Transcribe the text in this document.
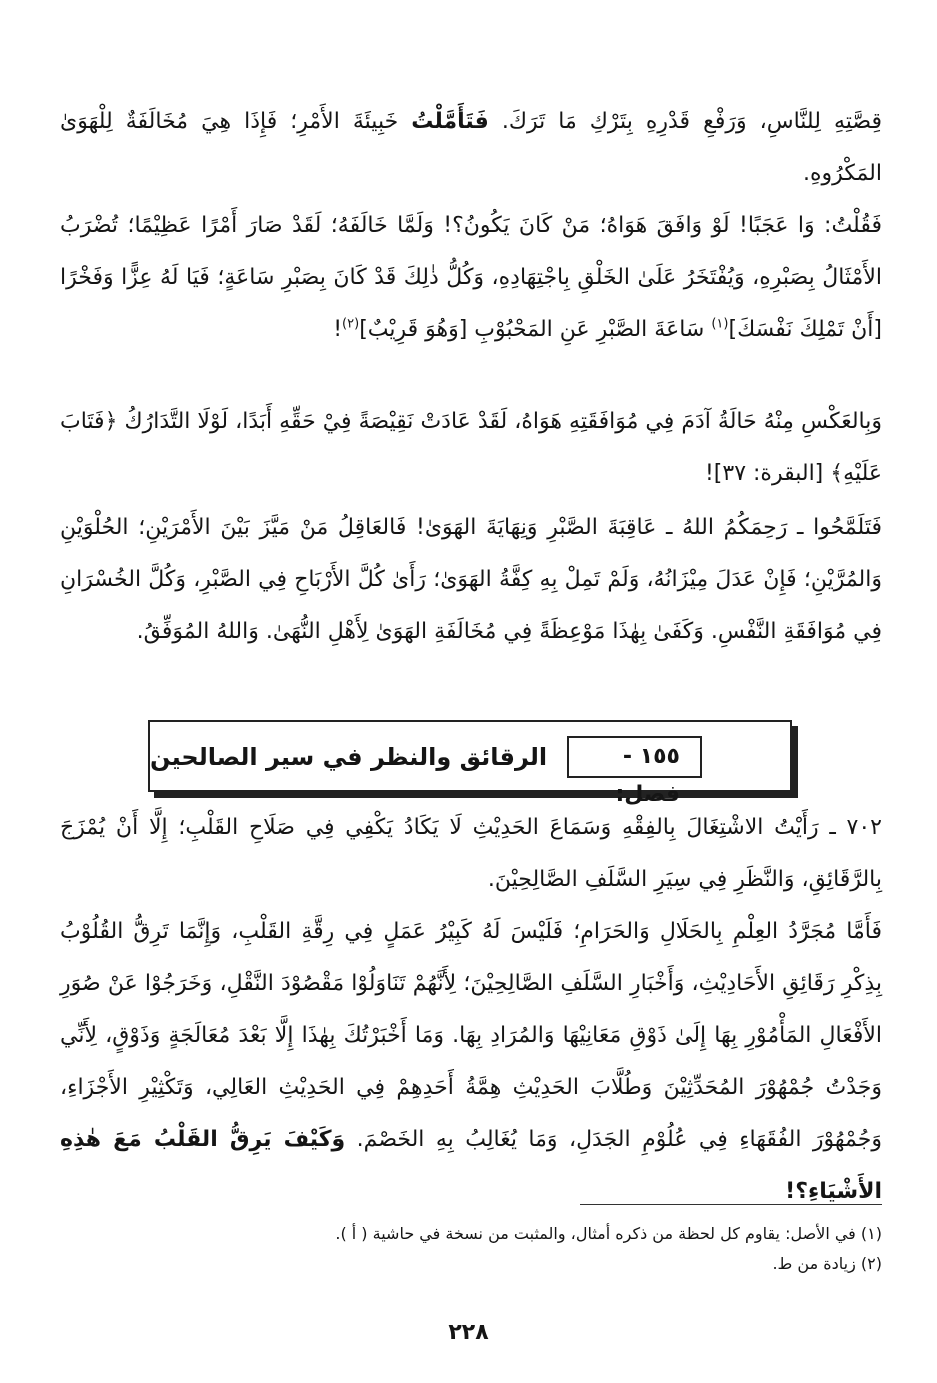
قِصَّتِهِ لِلنَّاسِ، وَرَفْعِ قَدْرِهِ بِتَرْكِ مَا تَرَكَ. فَتَأَمَّلْتُ خَبِيئَةَ الأَمْرِ؛ فَإِذَا هِيَ مُخَالَفَةٌ لِلْهَوَىٰ المَكْرُوهِ.

فَقُلْتُ: وَا عَجَبًا! لَوْ وَافَقَ هَوَاهُ؛ مَنْ كَانَ يَكُونُ؟! وَلَمَّا خَالَفَهُ؛ لَقَدْ صَارَ أَمْرًا عَظِيْمًا؛ تُضْرَبُ الأَمْثَالُ بِصَبْرِهِ، وَيُفْتَخَرُ عَلَىٰ الخَلْقِ بِاجْتِهَادِهِ، وَكُلُّ ذٰلِكَ قَدْ كَانَ بِصَبْرِ سَاعَةٍ؛ فَيَا لَهُ عِزًّا وَفَخْرًا [أَنْ تَمْلِكَ نَفْسَكَ]$^{(١)}$ سَاعَةَ الصَّبْرِ عَنِ المَحْبُوْبِ [وَهُوَ قَرِيْبٌ]$^{(٢)}$!

وَبِالعَكْسِ مِنْهُ حَالَةُ آدَمَ فِي مُوَافَقَتِهِ هَوَاهُ، لَقَدْ عَادَتْ نَقِيْصَةً فِيْ حَقِّهِ أَبَدًا، لَوْلَا التَّدَارُكُ ﴿فَتَابَ عَلَيْهِ﴾ [البقرة: ٣٧]!

فَتَلَمَّحُوا ـ رَحِمَكُمُ اللهُ ـ عَاقِبَةَ الصَّبْرِ وَنِهَايَةَ الهَوَىٰ! فَالعَاقِلُ مَنْ مَيَّزَ بَيْنَ الأَمْرَيْنِ؛ الحُلْوَيْنِ وَالمُرَّيْنِ؛ فَإِنْ عَدَلَ مِيْزَانُهُ، وَلَمْ تَمِلْ بِهِ كِفَّةُ الهَوَىٰ؛ رَأَىٰ كُلَّ الأَرْبَاحِ فِي الصَّبْرِ، وَكُلَّ الخُسْرَانِ فِي مُوَافَقَةِ النَّفْسِ. وَكَفَىٰ بِهٰذَا مَوْعِظَةً فِي مُخَالَفَةِ الهَوَىٰ لِأَهْلِ النُّهَىٰ. وَاللهُ المُوَفِّقُ.

١٥٥ - فصل:
الرقائق والنظر في سير الصالحين

٧٠٢ ـ رَأَيْتُ الاشْتِغَالَ بِالفِقْهِ وَسَمَاعَ الحَدِيْثِ لَا يَكَادُ يَكْفِي فِي صَلَاحِ القَلْبِ؛ إِلَّا أَنْ يُمْزَجَ بِالرَّقَائِقِ، وَالنَّظَرِ فِي سِيَرِ السَّلَفِ الصَّالِحِيْنَ.

فَأَمَّا مُجَرَّدُ العِلْمِ بِالحَلَالِ وَالحَرَامِ؛ فَلَيْسَ لَهُ كَبِيْرُ عَمَلٍ فِي رِقَّةِ القَلْبِ، وَإِنَّمَا تَرِقُّ القُلُوْبُ بِذِكْرِ رَقَائِقِ الأَحَادِيْثِ، وَأَخْبَارِ السَّلَفِ الصَّالِحِيْنَ؛ لِأَنَّهُمْ تَنَاوَلُوْا مَقْصُوْدَ النَّقْلِ، وَخَرَجُوْا عَنْ صُوَرِ الأَفْعَالِ المَأْمُوْرِ بِهَا إِلَىٰ ذَوْقِ مَعَانِيْهَا وَالمُرَادِ بِهَا. وَمَا أَخْبَرْتُكَ بِهٰذَا إِلَّا بَعْدَ مُعَالَجَةٍ وَذَوْقٍ، لِأَنِّي وَجَدْتُ جُمْهُوْرَ المُحَدِّثِيْنَ وَطُلَّابَ الحَدِيْثِ هِمَّةُ أَحَدِهِمْ فِي الحَدِيْثِ العَالِي، وَتَكْثِيْرِ الأَجْزَاءِ، وَجُمْهُوْرَ الفُقَهَاءِ فِي عُلُوْمِ الجَدَلِ، وَمَا يُغَالِبُ بِهِ الخَصْمَ. وَكَيْفَ يَرِقُّ القَلْبُ مَعَ هٰذِهِ الأَشْيَاءِ؟!

(١) في الأصل: يقاوم كل لحظة من ذكره أمثال، والمثبت من نسخة في حاشية ( أ ).

(٢) زيادة من ط.

٢٢٨
